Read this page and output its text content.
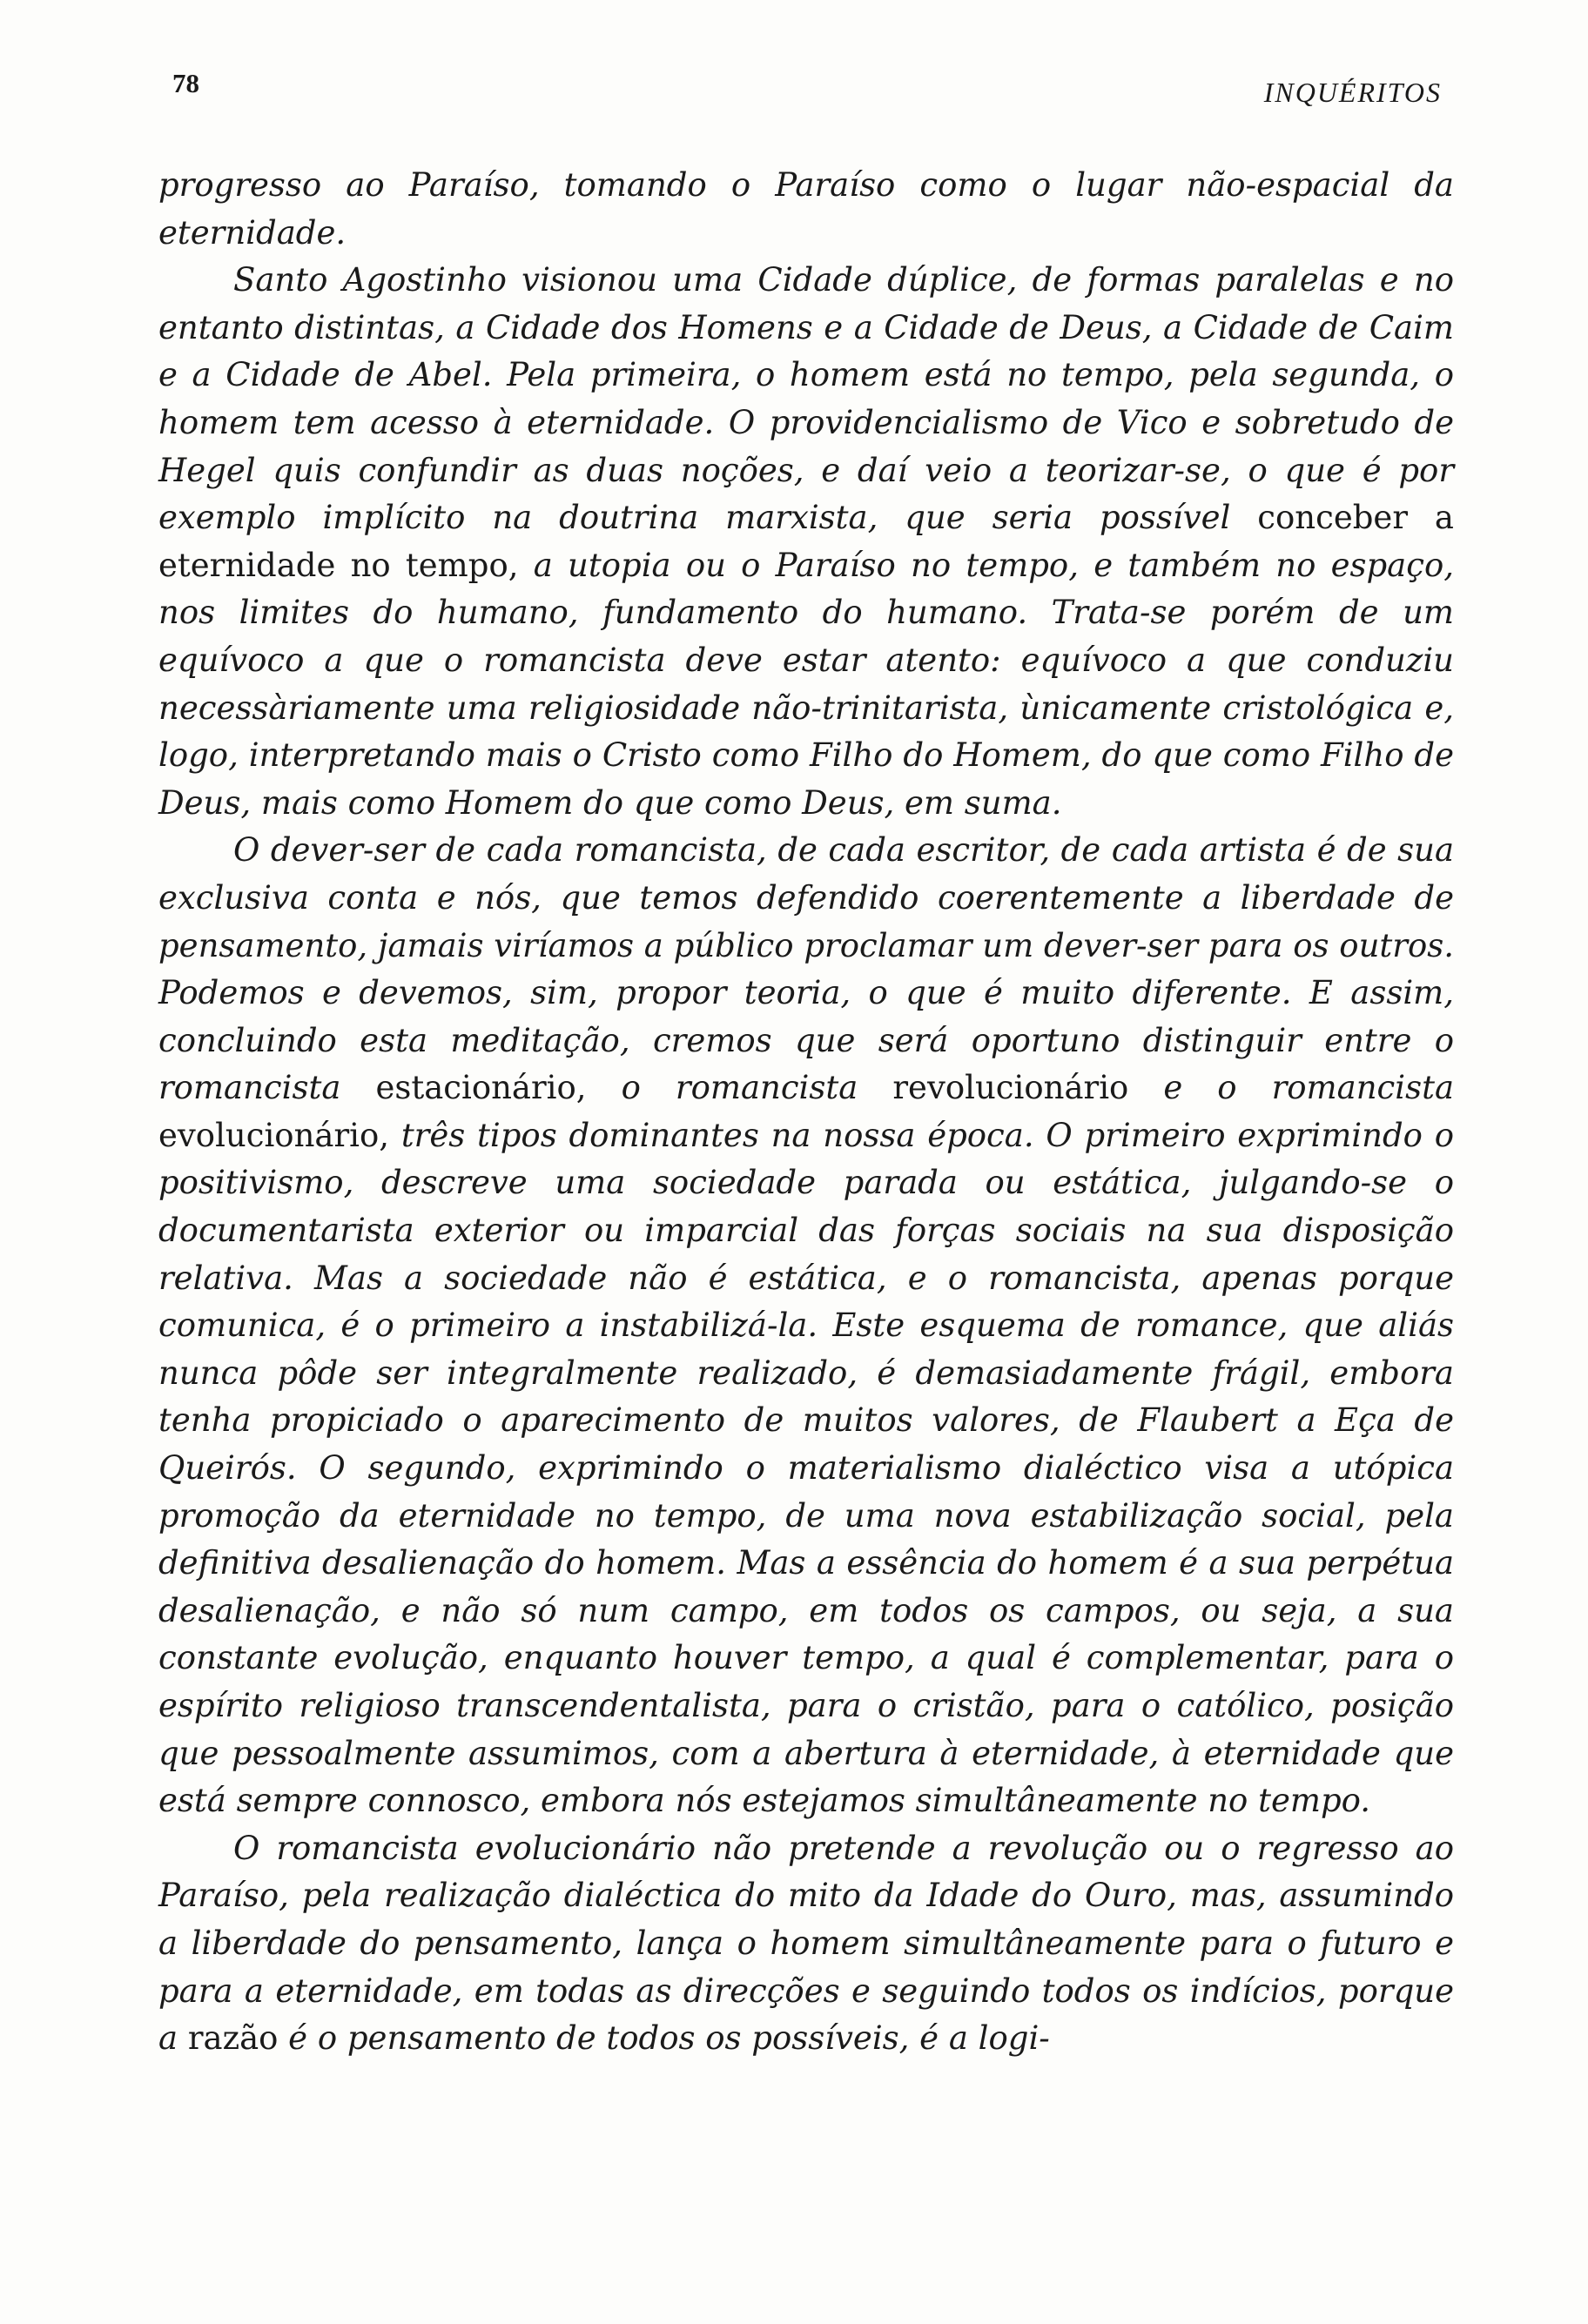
78	INQUÉRITOS

progresso ao Paraíso, tomando o Paraíso como o lugar não-espacial da eternidade.

Santo Agostinho visionou uma Cidade dúplice, de formas paralelas e no entanto distintas, a Cidade dos Homens e a Cidade de Deus, a Cidade de Caim e a Cidade de Abel. Pela primeira, o homem está no tempo, pela segunda, o homem tem acesso à eternidade. O providencialismo de Vico e sobretudo de Hegel quis confundir as duas noções, e daí veio a teorizar-se, o que é por exemplo implícito na doutrina marxista, que seria possível conceber a eternidade no tempo, a utopia ou o Paraíso no tempo, e também no espaço, nos limites do humano, fundamento do humano. Trata-se porém de um equívoco a que o romancista deve estar atento: equívoco a que conduziu necessàriamente uma religiosidade não-trinitarista, ùnicamente cristológica e, logo, interpretando mais o Cristo como Filho do Homem, do que como Filho de Deus, mais como Homem do que como Deus, em suma.

O dever-ser de cada romancista, de cada escritor, de cada artista é de sua exclusiva conta e nós, que temos defendido coerentemente a liberdade de pensamento, jamais viríamos a público proclamar um dever-ser para os outros. Podemos e devemos, sim, propor teoria, o que é muito diferente. E assim, concluindo esta meditação, cremos que será oportuno distinguir entre o romancista estacionário, o romancista revolucionário e o romancista evolucionário, três tipos dominantes na nossa época. O primeiro exprimindo o positivismo, descreve uma sociedade parada ou estática, julgando-se o documentarista exterior ou imparcial das forças sociais na sua disposição relativa. Mas a sociedade não é estática, e o romancista, apenas porque comunica, é o primeiro a instabilizá-la. Este esquema de romance, que aliás nunca pôde ser integralmente realizado, é demasiadamente frágil, embora tenha propiciado o aparecimento de muitos valores, de Flaubert a Eça de Queirós. O segundo, exprimindo o materialismo dialéctico visa a utópica promoção da eternidade no tempo, de uma nova estabilização social, pela definitiva desalienação do homem. Mas a essência do homem é a sua perpétua desalienação, e não só num campo, em todos os campos, ou seja, a sua constante evolução, enquanto houver tempo, a qual é complementar, para o espírito religioso transcendentalista, para o cristão, para o católico, posição que pessoalmente assumimos, com a abertura à eternidade, à eternidade que está sempre connosco, embora nós estejamos simultâneamente no tempo.

O romancista evolucionário não pretende a revolução ou o regresso ao Paraíso, pela realização dialéctica do mito da Idade do Ouro, mas, assumindo a liberdade do pensamento, lança o homem simultâneamente para o futuro e para a eternidade, em todas as direcções e seguindo todos os indícios, porque a razão é o pensamento de todos os possíveis, é a logi-
